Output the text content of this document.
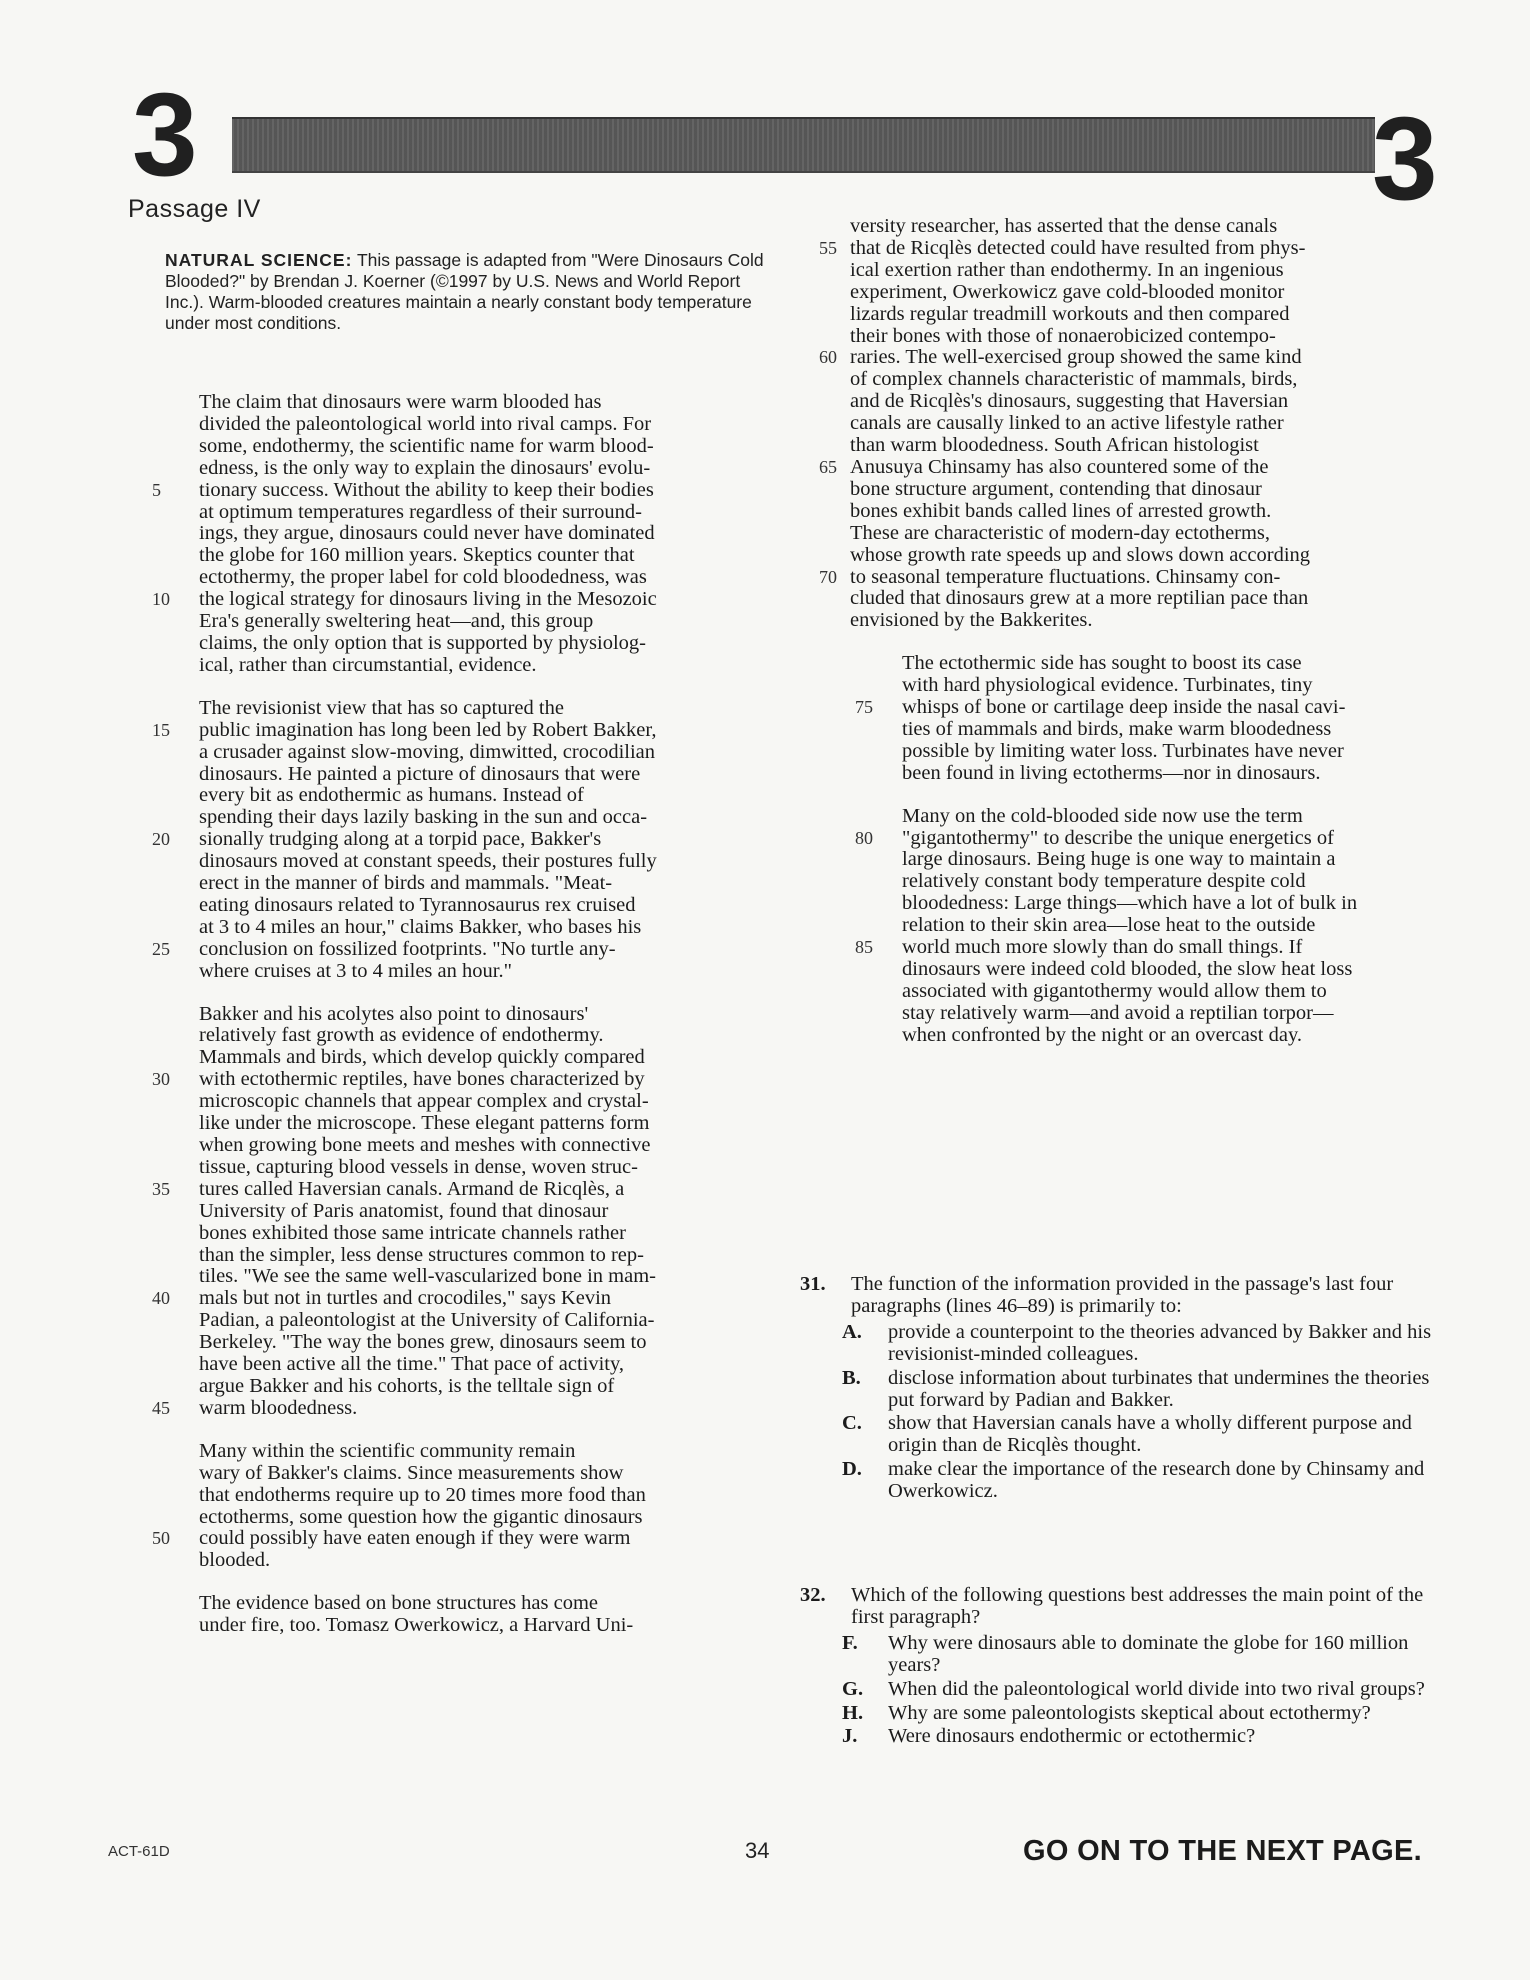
3	3
Passage IV
NATURAL SCIENCE: This passage is adapted from "Were Dinosaurs Cold Blooded?" by Brendan J. Koerner (©1997 by U.S. News and World Report Inc.). Warm-blooded creatures maintain a nearly constant body temperature under most conditions.
The claim that dinosaurs were warm blooded has
divided the paleontological world into rival camps. For
some, endothermy, the scientific name for warm blood-
edness, is the only way to explain the dinosaurs' evolu-
tionary success. Without the ability to keep their bodies
5
at optimum temperatures regardless of their surround-
ings, they argue, dinosaurs could never have dominated
the globe for 160 million years. Skeptics counter that
ectothermy, the proper label for cold bloodedness, was
the logical strategy for dinosaurs living in the Mesozoic
10
Era's generally sweltering heat—and, this group
claims, the only option that is supported by physiolog-
ical, rather than circumstantial, evidence.
The revisionist view that has so captured the
public imagination has long been led by Robert Bakker,
15
a crusader against slow-moving, dimwitted, crocodilian
dinosaurs. He painted a picture of dinosaurs that were
every bit as endothermic as humans. Instead of
spending their days lazily basking in the sun and occa-
sionally trudging along at a torpid pace, Bakker's
20
dinosaurs moved at constant speeds, their postures fully
erect in the manner of birds and mammals. "Meat-
eating dinosaurs related to Tyrannosaurus rex cruised
at 3 to 4 miles an hour," claims Bakker, who bases his
conclusion on fossilized footprints. "No turtle any-
25
where cruises at 3 to 4 miles an hour."
Bakker and his acolytes also point to dinosaurs'
relatively fast growth as evidence of endothermy.
Mammals and birds, which develop quickly compared
with ectothermic reptiles, have bones characterized by
30
microscopic channels that appear complex and crystal-
like under the microscope. These elegant patterns form
when growing bone meets and meshes with connective
tissue, capturing blood vessels in dense, woven struc-
tures called Haversian canals. Armand de Ricqlès, a
35
University of Paris anatomist, found that dinosaur
bones exhibited those same intricate channels rather
than the simpler, less dense structures common to rep-
tiles. "We see the same well-vascularized bone in mam-
mals but not in turtles and crocodiles," says Kevin
40
Padian, a paleontologist at the University of California-
Berkeley. "The way the bones grew, dinosaurs seem to
have been active all the time." That pace of activity,
argue Bakker and his cohorts, is the telltale sign of
warm bloodedness.
45
Many within the scientific community remain
wary of Bakker's claims. Since measurements show
that endotherms require up to 20 times more food than
ectotherms, some question how the gigantic dinosaurs
could possibly have eaten enough if they were warm
50
blooded.
The evidence based on bone structures has come
under fire, too. Tomasz Owerkowicz, a Harvard Uni-
versity researcher, has asserted that the dense canals
that de Ricqlès detected could have resulted from phys-
55
ical exertion rather than endothermy. In an ingenious
experiment, Owerkowicz gave cold-blooded monitor
lizards regular treadmill workouts and then compared
their bones with those of nonaerobicized contempo-
raries. The well-exercised group showed the same kind
60
of complex channels characteristic of mammals, birds,
and de Ricqlès's dinosaurs, suggesting that Haversian
canals are causally linked to an active lifestyle rather
than warm bloodedness. South African histologist
Anusuya Chinsamy has also countered some of the
65
bone structure argument, contending that dinosaur
bones exhibit bands called lines of arrested growth.
These are characteristic of modern-day ectotherms,
whose growth rate speeds up and slows down according
to seasonal temperature fluctuations. Chinsamy con-
70
cluded that dinosaurs grew at a more reptilian pace than
envisioned by the Bakkerites.
The ectothermic side has sought to boost its case
with hard physiological evidence. Turbinates, tiny
whisps of bone or cartilage deep inside the nasal cavi-
75
ties of mammals and birds, make warm bloodedness
possible by limiting water loss. Turbinates have never
been found in living ectotherms—nor in dinosaurs.
Many on the cold-blooded side now use the term
"gigantothermy" to describe the unique energetics of
80
large dinosaurs. Being huge is one way to maintain a
relatively constant body temperature despite cold
bloodedness: Large things—which have a lot of bulk in
relation to their skin area—lose heat to the outside
world much more slowly than do small things. If
85
dinosaurs were indeed cold blooded, the slow heat loss
associated with gigantothermy would allow them to
stay relatively warm—and avoid a reptilian torpor—
when confronted by the night or an overcast day.
31.	The function of the information provided in the passage's last four paragraphs (lines 46–89) is primarily to:
A.	provide a counterpoint to the theories advanced by Bakker and his revisionist-minded colleagues.
B.	disclose information about turbinates that undermines the theories put forward by Padian and Bakker.
C.	show that Haversian canals have a wholly different purpose and origin than de Ricqlès thought.
D.	make clear the importance of the research done by Chinsamy and Owerkowicz.
32.	Which of the following questions best addresses the main point of the first paragraph?
F.	Why were dinosaurs able to dominate the globe for 160 million years?
G.	When did the paleontological world divide into two rival groups?
H.	Why are some paleontologists skeptical about ectothermy?
J.	Were dinosaurs endothermic or ectothermic?
ACT-61D	34	GO ON TO THE NEXT PAGE.
